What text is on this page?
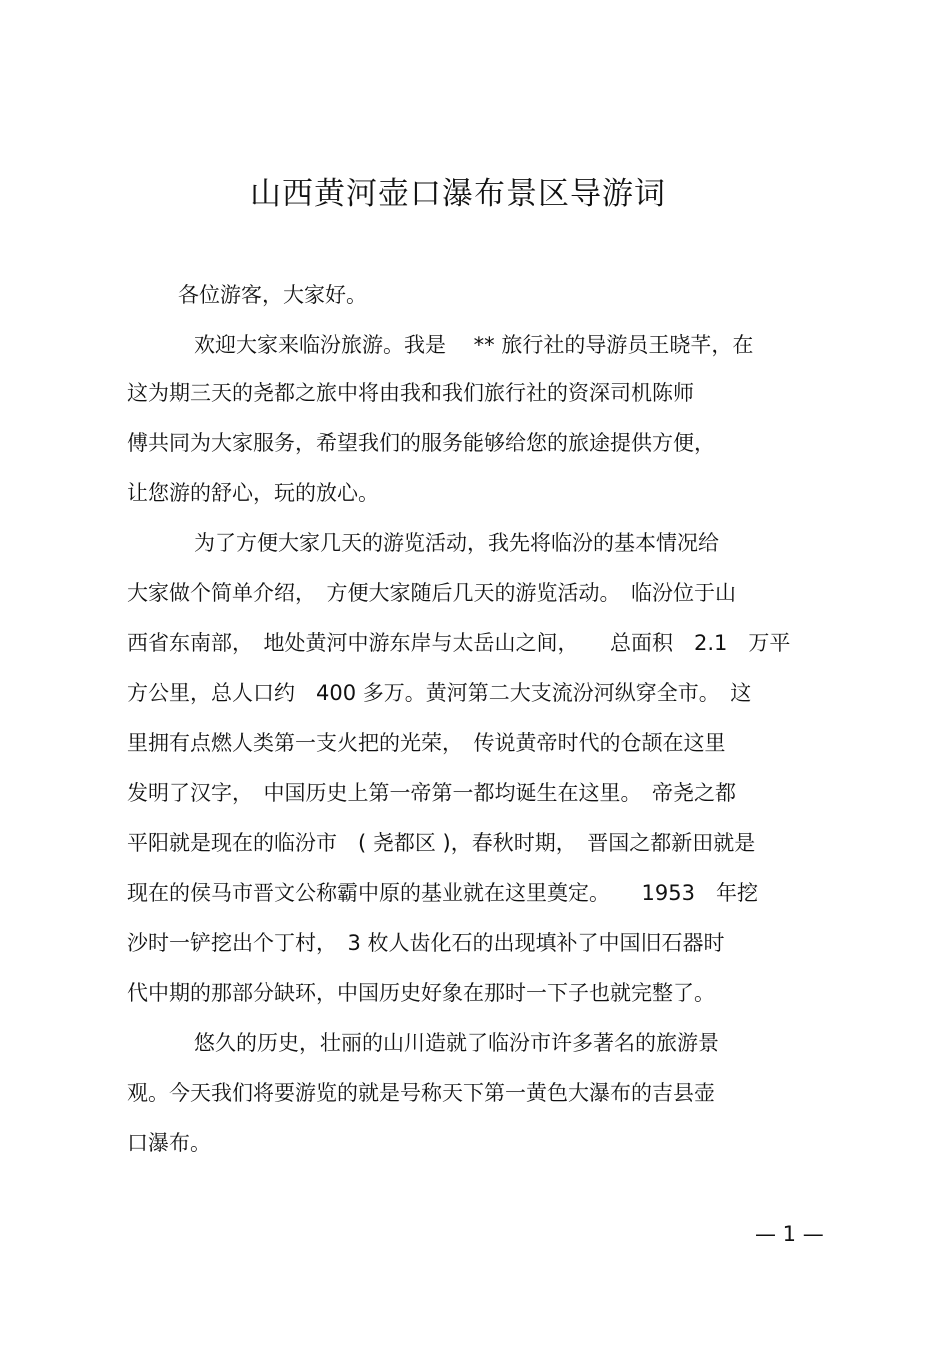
山西黄河壶口瀑布景区导游词
各位游客，大家好。
欢迎大家来临汾旅游。我是　 ** 旅行社的导游员王晓芊，在
这为期三天的尧都之旅中将由我和我们旅行社的资深司机陈师
傅共同为大家服务，希望我们的服务能够给您的旅途提供方便，
让您游的舒心，玩的放心。
为了方便大家几天的游览活动，我先将临汾的基本情况给
大家做个简单介绍，　方便大家随后几天的游览活动。　临汾位于山
西省东南部，　地处黄河中游东岸与太岳山之间，　　总面积　2.1　万平
方公里，总人口约　400 多万。黄河第二大支流汾河纵穿全市。　这
里拥有点燃人类第一支火把的光荣，　传说黄帝时代的仓颉在这里
发明了汉字，　中国历史上第一帝第一都均诞生在这里。　帝尧之都
平阳就是现在的临汾市　( 尧都区 )，春秋时期，　晋国之都新田就是
现在的侯马市晋文公称霸中原的基业就在这里奠定。　　1953　年挖
沙时一铲挖出个丁村，　3 枚人齿化石的出现填补了中国旧石器时
代中期的那部分缺环，中国历史好象在那时一下子也就完整了。
悠久的历史，壮丽的山川造就了临汾市许多著名的旅游景
观。今天我们将要游览的就是号称天下第一黄色大瀑布的吉县壶
口瀑布。
— 1 —
